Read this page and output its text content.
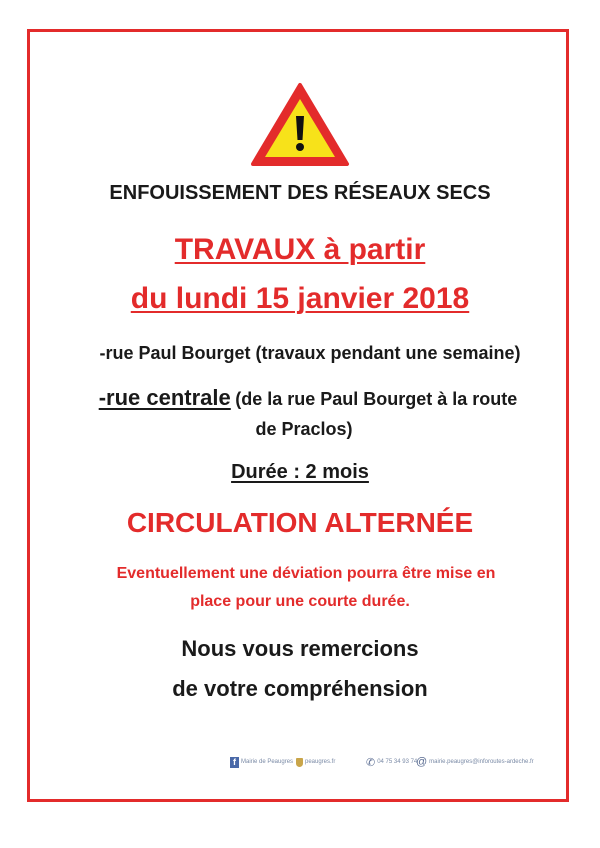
ENFOUISSEMENT DES RÉSEAUX SECS
TRAVAUX à partir
du lundi 15 janvier 2018
-rue Paul Bourget (travaux pendant une semaine)
-rue centrale (de la rue Paul Bourget à la route
de Praclos)
Durée : 2 mois
CIRCULATION ALTERNÉE
Eventuellement une déviation pourra être mise en
place pour une courte durée.
Nous vous remercions
de votre compréhension
f Mairie de Peaugres peaugres.fr	✆ 04 75 34 93 74
@ mairie.peaugres@inforoutes-ardeche.fr
